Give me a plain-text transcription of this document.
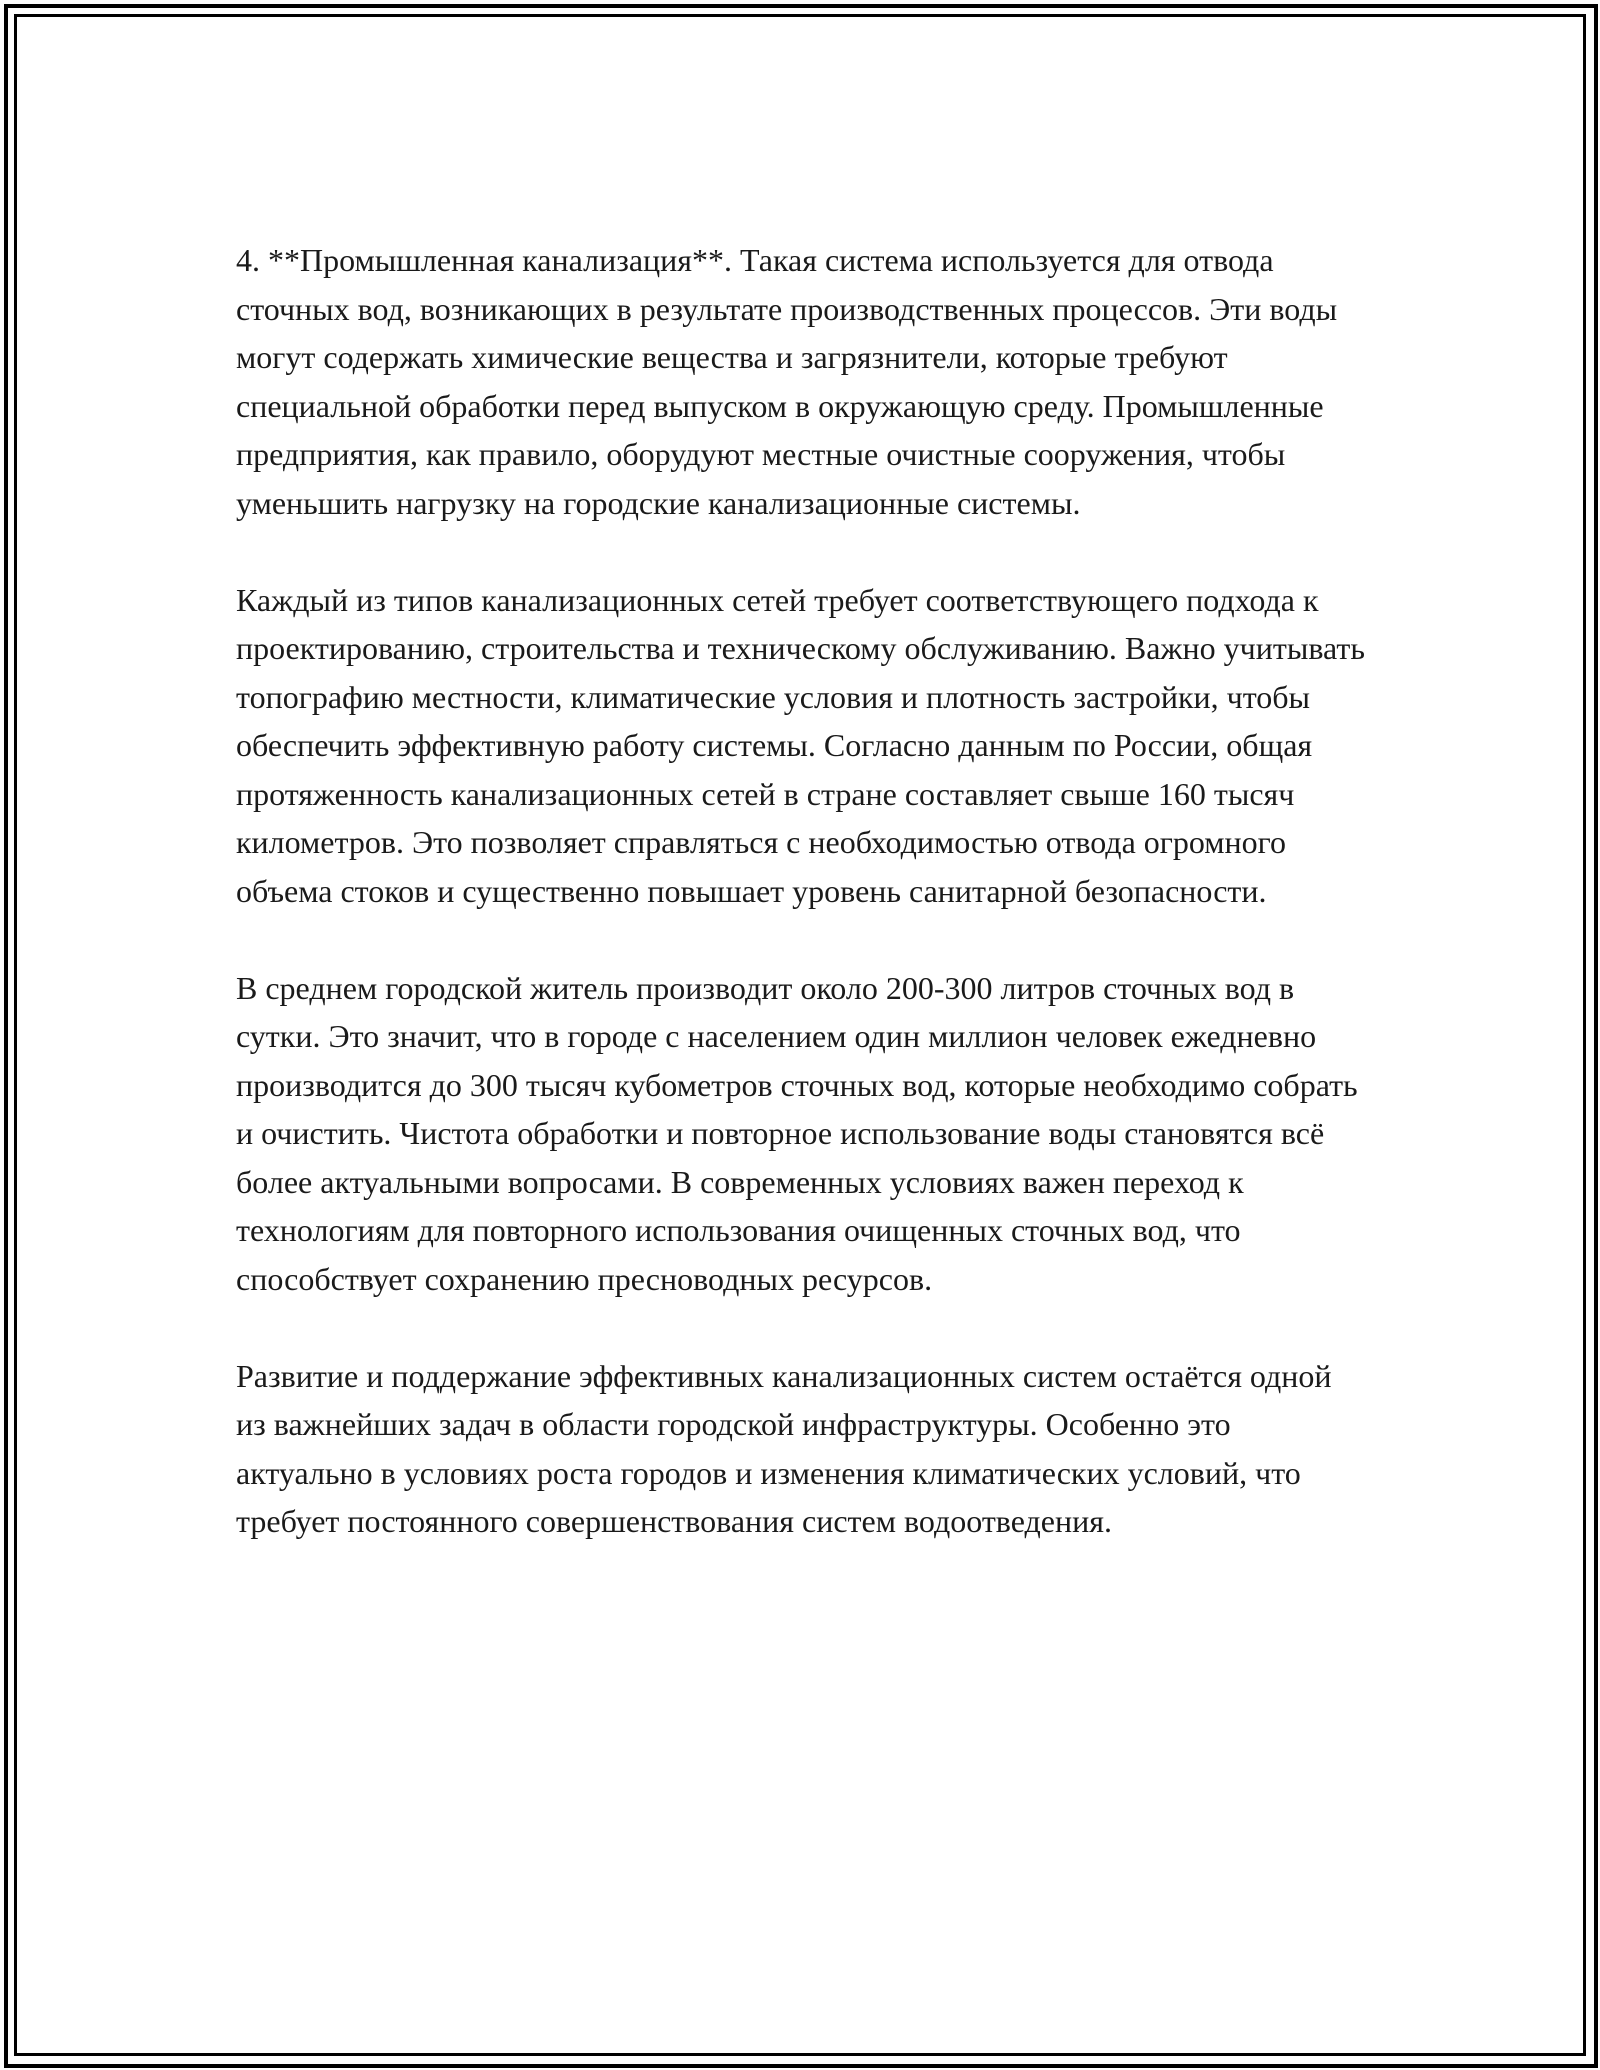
4. **Промышленная канализация**. Такая система используется для отвода сточных вод, возникающих в результате производственных процессов. Эти воды могут содержать химические вещества и загрязнители, которые требуют специальной обработки перед выпуском в окружающую среду. Промышленные предприятия, как правило, оборудуют местные очистные сооружения, чтобы уменьшить нагрузку на городские канализационные системы.

Каждый из типов канализационных сетей требует соответствующего подхода к проектированию, строительства и техническому обслуживанию. Важно учитывать топографию местности, климатические условия и плотность застройки, чтобы обеспечить эффективную работу системы. Согласно данным по России, общая протяженность канализационных сетей в стране составляет свыше 160 тысяч километров. Это позволяет справляться с необходимостью отвода огромного объема стоков и существенно повышает уровень санитарной безопасности.

В среднем городской житель производит около 200-300 литров сточных вод в сутки. Это значит, что в городе с населением один миллион человек ежедневно производится до 300 тысяч кубометров сточных вод, которые необходимо собрать и очистить. Чистота обработки и повторное использование воды становятся всё более актуальными вопросами. В современных условиях важен переход к технологиям для повторного использования очищенных сточных вод, что способствует сохранению пресноводных ресурсов.

Развитие и поддержание эффективных канализационных систем остаётся одной из важнейших задач в области городской инфраструктуры. Особенно это актуально в условиях роста городов и изменения климатических условий, что требует постоянного совершенствования систем водоотведения.
